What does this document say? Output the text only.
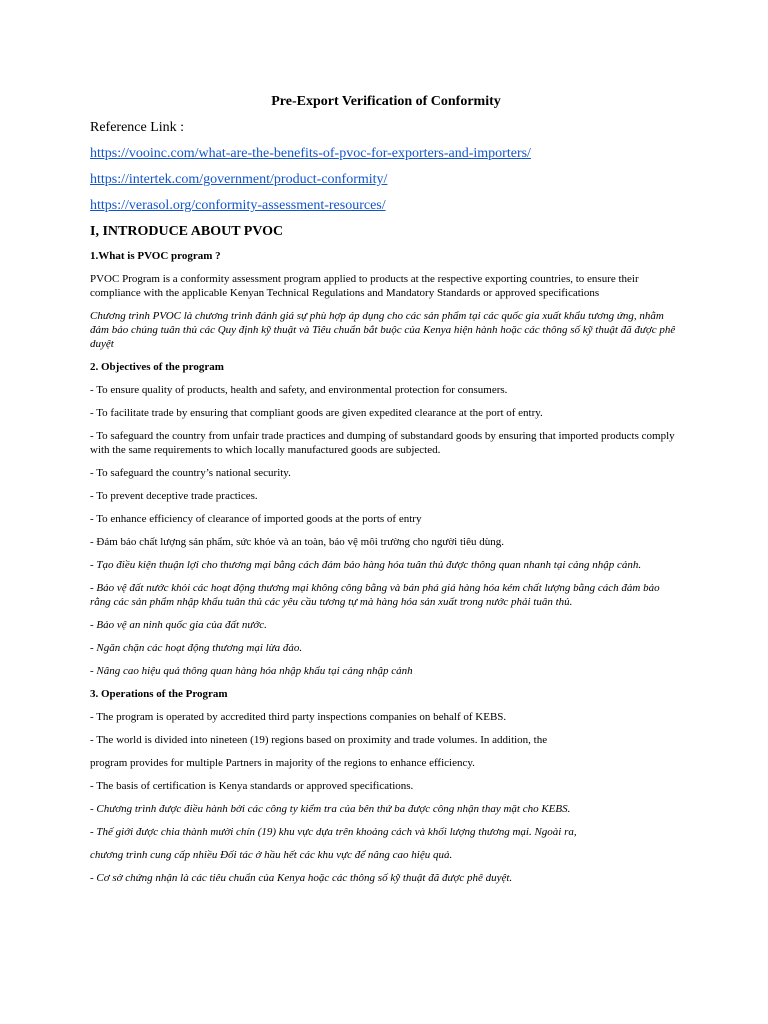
Pre-Export Verification of Conformity
Reference Link :
https://vooinc.com/what-are-the-benefits-of-pvoc-for-exporters-and-importers/
https://intertek.com/government/product-conformity/
https://verasol.org/conformity-assessment-resources/
I, INTRODUCE ABOUT PVOC
1.What is PVOC program ?
PVOC Program is a conformity assessment program applied to products at the respective exporting countries, to ensure their compliance with the applicable Kenyan Technical Regulations and Mandatory Standards or approved specifications
Chương trình PVOC là chương trình đánh giá sự phù hợp áp dụng cho các sản phẩm tại các quốc gia xuất khẩu tương ứng, nhằm đảm bảo chúng tuân thủ các Quy định kỹ thuật và Tiêu chuẩn bắt buộc của Kenya hiện hành hoặc các thông số kỹ thuật đã được phê duyệt
2. Objectives of the program
- To ensure quality of products, health and safety, and environmental protection for consumers.
- To facilitate trade by ensuring that compliant goods are given expedited clearance at the port of entry.
- To safeguard the country from unfair trade practices and dumping of substandard goods by ensuring that imported products comply with the same requirements to which locally manufactured goods are subjected.
- To safeguard the country’s national security.
- To prevent deceptive trade practices.
- To enhance efficiency of clearance of imported goods at the ports of entry
- Đảm bảo chất lượng sản phẩm, sức khỏe và an toàn, bảo vệ môi trường cho người tiêu dùng.
- Tạo điều kiện thuận lợi cho thương mại bằng cách đảm bảo hàng hóa tuân thủ được thông quan nhanh tại cảng nhập cảnh.
- Bảo vệ đất nước khỏi các hoạt động thương mại không công bằng và bán phá giá hàng hóa kém chất lượng bằng cách đảm bảo rằng các sản phẩm nhập khẩu tuân thủ các yêu cầu tương tự mà hàng hóa sản xuất trong nước phải tuân thủ.
- Bảo vệ an ninh quốc gia của đất nước.
- Ngăn chặn các hoạt động thương mại lừa đảo.
- Nâng cao hiệu quả thông quan hàng hóa nhập khẩu tại cảng nhập cảnh
3. Operations of the Program
- The program is operated by accredited third party inspections companies on behalf of KEBS.
- The world is divided into nineteen (19) regions based on proximity and trade volumes. In addition, the
program provides for multiple Partners in majority of the regions to enhance efficiency.
- The basis of certification is Kenya standards or approved specifications.
- Chương trình được điều hành bởi các công ty kiểm tra của bên thứ ba được công nhận thay mặt cho KEBS.
- Thế giới được chia thành mười chín (19) khu vực dựa trên khoảng cách và khối lượng thương mại. Ngoài ra,
chương trình cung cấp nhiều Đối tác ở hầu hết các khu vực để nâng cao hiệu quả.
- Cơ sở chứng nhận là các tiêu chuẩn của Kenya hoặc các thông số kỹ thuật đã được phê duyệt.
